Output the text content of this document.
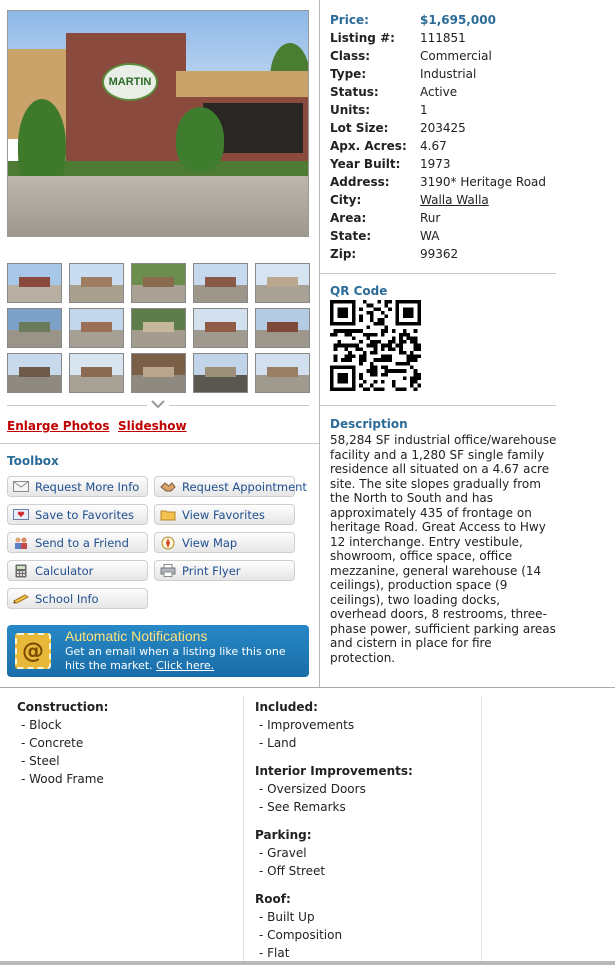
MARTIN
Enlarge Photos Slideshow
Toolbox
Request More Info	Request Appointment
Save to Favorites	View Favorites
Send to a Friend	View Map
Calculator	Print Flyer
School Info
@
Automatic Notifications
Get an email when a listing like this one hits the market. Click here.
Price:	$1,695,000
Listing #:	111851
Class:	Commercial
Type:	Industrial
Status:	Active
Units:	1
Lot Size:	203425
Apx. Acres:	4.67
Year Built:	1973
Address:	3190* Heritage Road
City:	Walla Walla
Area:	Rur
State:	WA
Zip:	99362
QR Code
Description
58,284 SF industrial office/warehouse facility and a 1,280 SF single family residence all situated on a 4.67 acre site. The site slopes gradually from the North to South and has approximately 435 of frontage on heritage Road. Great Access to Hwy 12 interchange. Entry vestibule, showroom, office space, office mezzanine, general warehouse (14 ceilings), production space (9 ceilings), two loading docks, overhead doors, 8 restrooms, three-phase power, sufficient parking areas and cistern in place for fire protection.
Construction:
- Block
- Concrete
- Steel
- Wood Frame
Included:
- Improvements
- Land
Interior Improvements:
- Oversized Doors
- See Remarks
Parking:
- Gravel
- Off Street
Roof:
- Built Up
- Composition
- Flat
